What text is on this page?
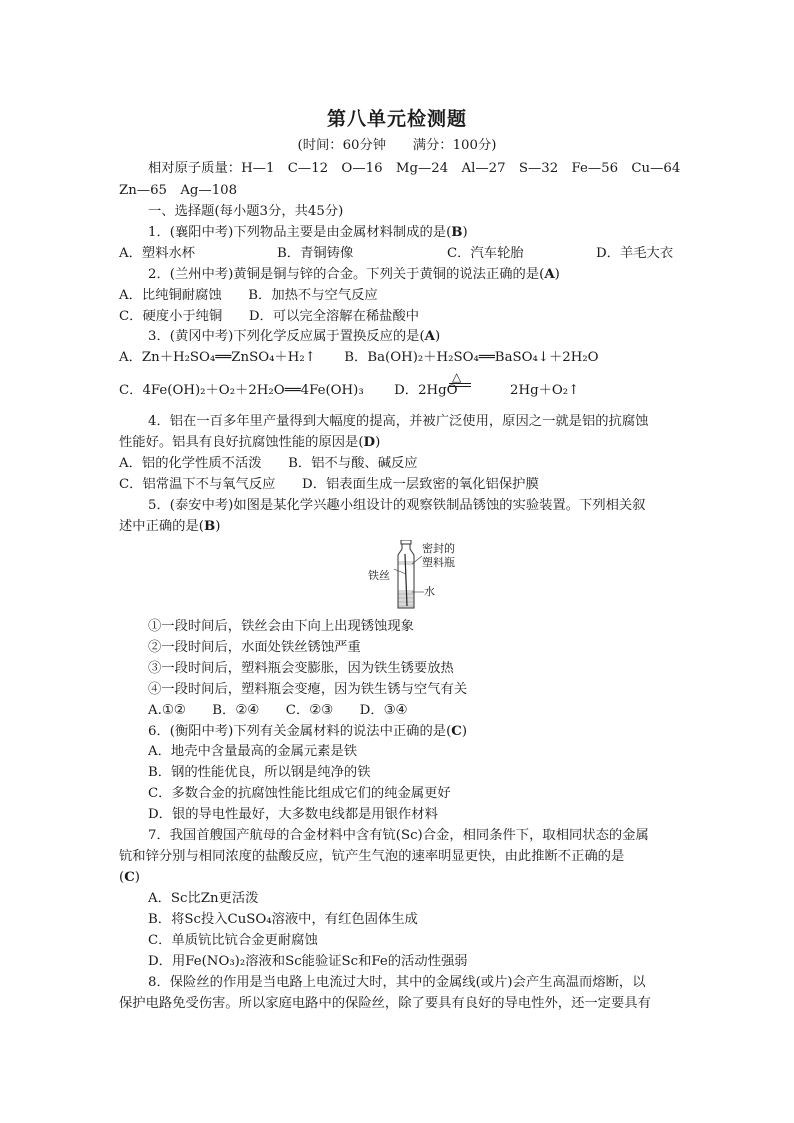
第八单元检测题
(时间：60分钟　　满分：100分)
相对原子质量：H—1　C—12　O—16　Mg—24　Al—27　S—32　Fe—56　Cu—64
Zn—65　Ag—108
一、选择题(每小题3分，共45分)
1．(襄阳中考)下列物品主要是由金属材料制成的是(B)
A．塑料水杯	B．青铜铸像	C．汽车轮胎	D．羊毛大衣
2．(兰州中考)黄铜是铜与锌的合金。下列关于黄铜的说法正确的是(A)
A．比纯铜耐腐蚀　　B．加热不与空气反应
C．硬度小于纯铜　　D．可以完全溶解在稀盐酸中
3．(黄冈中考)下列化学反应属于置换反应的是(A)
A．Zn＋H₂SO₄══ZnSO₄＋H₂↑ B．Ba(OH)₂＋H₂SO₄══BaSO₄↓＋2H₂O
C．4Fe(OH)₂＋O₂＋2H₂O══4Fe(OH)₃ D．2HgO	2Hg＋O₂↑
△
4．铝在一百多年里产量得到大幅度的提高，并被广泛使用，原因之一就是铝的抗腐蚀
性能好。铝具有良好抗腐蚀性能的原因是(D)
A．铝的化学性质不活泼　　B．铝不与酸、碱反应
C．铝常温下不与氧气反应　　D．铝表面生成一层致密的氧化铝保护膜
5．(泰安中考)如图是某化学兴趣小组设计的观察铁制品锈蚀的实验装置。下列相关叙
述中正确的是(B)
密封的
塑料瓶
铁丝
水
①一段时间后，铁丝会由下向上出现锈蚀现象
②一段时间后，水面处铁丝锈蚀严重
③一段时间后，塑料瓶会变膨胀，因为铁生锈要放热
④一段时间后，塑料瓶会变瘪，因为铁生锈与空气有关
A.①②　　B．②④　　C．②③　　D．③④
6．(衡阳中考)下列有关金属材料的说法中正确的是(C)
A．地壳中含量最高的金属元素是铁
B．钢的性能优良，所以钢是纯净的铁
C．多数合金的抗腐蚀性能比组成它们的纯金属更好
D．银的导电性最好，大多数电线都是用银作材料
7．我国首艘国产航母的合金材料中含有钪(Sc)合金，相同条件下，取相同状态的金属
钪和锌分别与相同浓度的盐酸反应，钪产生气泡的速率明显更快，由此推断不正确的是
(C)
A．Sc比Zn更活泼
B．将Sc投入CuSO₄溶液中，有红色固体生成
C．单质钪比钪合金更耐腐蚀
D．用Fe(NO₃)₂溶液和Sc能验证Sc和Fe的活动性强弱
8．保险丝的作用是当电路上电流过大时，其中的金属线(或片)会产生高温而熔断，以
保护电路免受伤害。所以家庭电路中的保险丝，除了要具有良好的导电性外，还一定要具有
